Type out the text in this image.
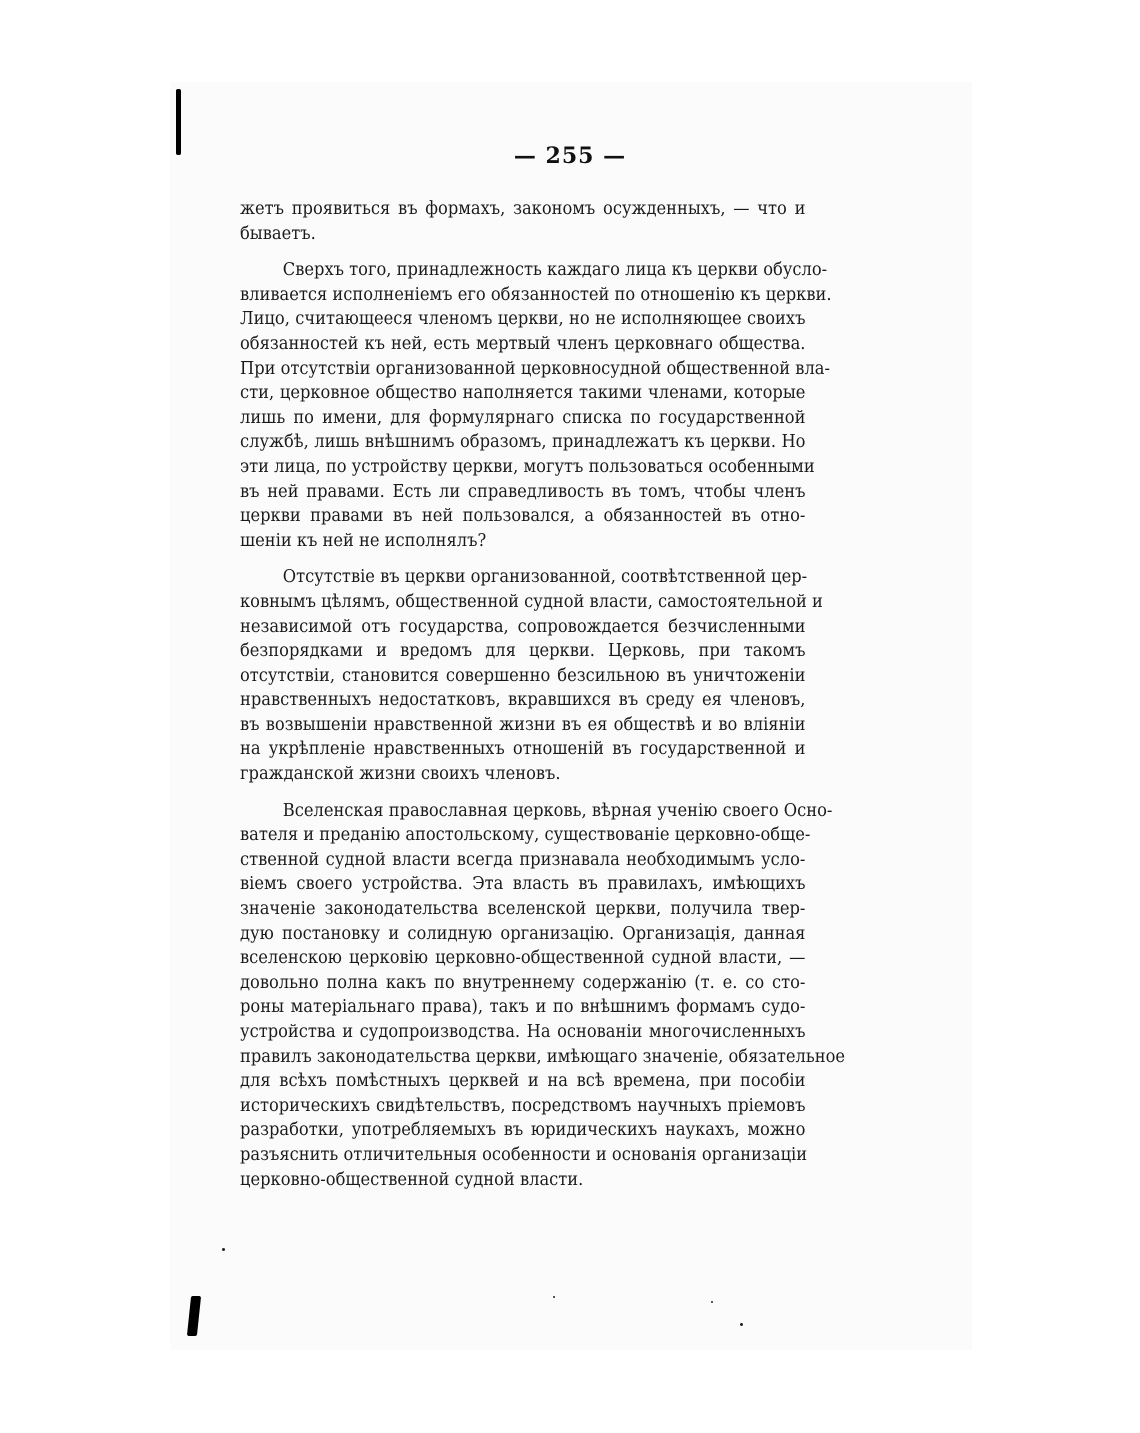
— 255 —

жетъ проявиться въ формахъ, закономъ осужденныхъ, — что и
бываетъ.

Сверхъ того, принадлежность каждаго лица къ церкви обуслo-
вливается исполненіемъ его обязанностей по отношенію къ церкви.
Лицо, считающееся членомъ церкви, но не исполняющее своихъ
обязанностей къ ней, есть мертвый членъ церковнаго общества.
При отсутствіи организованной церковносудной общественной вла-
сти, церковное общество наполняется такими членами, которые
лишь по имени, для формулярнаго списка по государственной
службѣ, лишь внѣшнимъ образомъ, принадлежатъ къ церкви. Но
эти лица, по устройству церкви, могутъ пользоваться особенными
въ ней правами. Есть ли справедливость въ томъ, чтобы членъ
церкви правами въ ней пользовался, а обязанностей въ отно-
шеніи къ ней не исполнялъ?

Отсутствіе въ церкви организованной, соотвѣтственной цер-
ковнымъ цѣлямъ, общественной судной власти, самостоятельной и
независимой отъ государства, сопровождается безчисленными
безпорядками и вредомъ для церкви. Церковь, при такомъ
отсутствіи, становится совершенно безсильною въ уничтоженіи
нравственныхъ недостатковъ, вкравшихся въ среду ея членовъ,
въ возвышеніи нравственной жизни въ ея обществѣ и во вліяніи
на укрѣпленіе нравственныхъ отношеній въ государственной и
гражданской жизни своихъ членовъ.

Вселенская православная церковь, вѣрная ученію своего Осно-
вателя и преданію апостольскому, существованіе церковно-обще-
ственной судной власти всегда признавала необходимымъ усло-
віемъ своего устройства. Эта власть въ правилахъ, имѣющихъ
значеніе законодательства вселенской церкви, получила твер-
дую постановку и солидную организацію. Организація, данная
вселенскою церковію церковно-общественной судной власти, —
довольно полна какъ по внутреннему содержанію (т. е. со сто-
роны матеріальнаго права), такъ и по внѣшнимъ формамъ судо-
устройства и судопроизводства. На основаніи многочисленныхъ
правилъ законодательства церкви, имѣющаго значеніе, обязательное
для всѣхъ помѣстныхъ церквей и на всѣ времена, при пособіи
историческихъ свидѣтельствъ, посредствомъ научныхъ пріемовъ
разработки, употребляемыхъ въ юридическихъ наукахъ, можно
разъяснить отличительныя особенности и основанія организаціи
церковно-общественной судной власти.
